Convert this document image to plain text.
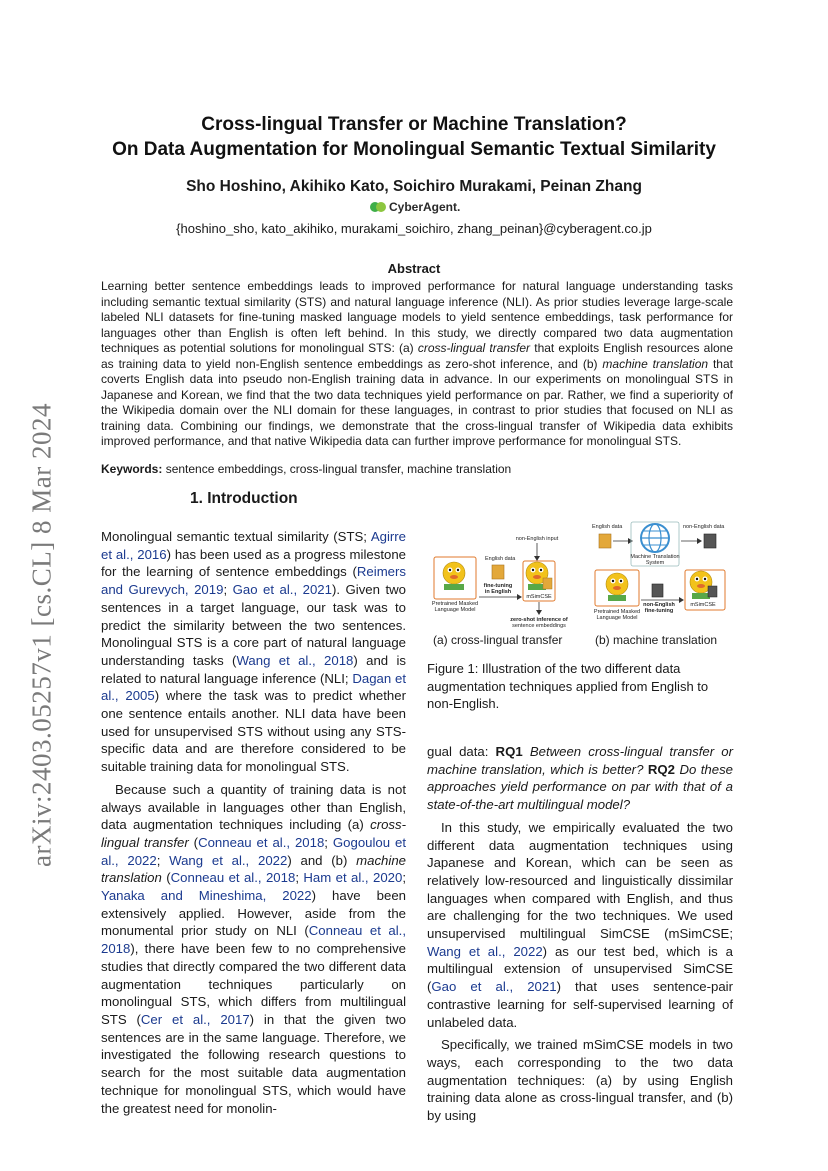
arXiv:2403.05257v1 [cs.CL] 8 Mar 2024
Cross-lingual Transfer or Machine Translation?
On Data Augmentation for Monolingual Semantic Textual Similarity
Sho Hoshino, Akihiko Kato, Soichiro Murakami, Peinan Zhang
CyberAgent.
{hoshino_sho, kato_akihiko, murakami_soichiro, zhang_peinan}@cyberagent.co.jp
Abstract

Learning better sentence embeddings leads to improved performance for natural language understanding tasks including semantic textual similarity (STS) and natural language inference (NLI). As prior studies leverage large-scale labeled NLI datasets for fine-tuning masked language models to yield sentence embeddings, task performance for languages other than English is often left behind. In this study, we directly compared two data augmentation techniques as potential solutions for monolingual STS: (a) cross-lingual transfer that exploits English resources alone as training data to yield non-English sentence embeddings as zero-shot inference, and (b) machine translation that coverts English data into pseudo non-English training data in advance. In our experiments on monolingual STS in Japanese and Korean, we find that the two data techniques yield performance on par. Rather, we find a superiority of the Wikipedia domain over the NLI domain for these languages, in contrast to prior studies that focused on NLI as training data. Combining our findings, we demonstrate that the cross-lingual transfer of Wikipedia data exhibits improved performance, and that native Wikipedia data can further improve performance for monolingual STS.

Keywords: sentence embeddings, cross-lingual transfer, machine translation

1. Introduction

Monolingual semantic textual similarity (STS; Agirre et al., 2016) has been used as a progress milestone for the learning of sentence embeddings (Reimers and Gurevych, 2019; Gao et al., 2021). Given two sentences in a target language, our task was to predict the similarity between the two sentences. Monolingual STS is a core part of natural language understanding tasks (Wang et al., 2018) and is related to natural language inference (NLI; Dagan et al., 2005) where the task was to predict whether one sentence entails another. NLI data have been used for unsupervised STS without using any STS-specific data and are therefore considered to be suitable training data for monolingual STS.

Because such a quantity of training data is not always available in languages other than English, data augmentation techniques including (a) cross-lingual transfer (Conneau et al., 2018; Gogoulou et al., 2022; Wang et al., 2022) and (b) machine translation (Conneau et al., 2018; Ham et al., 2020; Yanaka and Mineshima, 2022) have been extensively applied. However, aside from the monumental prior study on NLI (Conneau et al., 2018), there have been few to no comprehensive studies that directly compared the two different data augmentation techniques particularly on monolingual STS, which differs from multilingual STS (Cer et al., 2017) in that the given two sentences are in the same language. Therefore, we investigated the following research questions to search for the most suitable data augmentation technique for monolingual STS, which would have the greatest need for monolin-

non-English input
English data
Pretrained Masked
Language Model
fine-tuning
in English
mSimCSE
zero-shot inference of
sentence embeddings
English data
Machine Translation
System
non-English data
Pretrained Masked
Language Model
non-English
fine-tuning
mSimCSE
(a) cross-lingual transfer	(b) machine translation

Figure 1: Illustration of the two different data augmentation techniques applied from English to non-English.

gual data: RQ1 Between cross-lingual transfer or machine translation, which is better? RQ2 Do these approaches yield performance on par with that of a state-of-the-art multilingual model?

In this study, we empirically evaluated the two different data augmentation techniques using Japanese and Korean, which can be seen as relatively low-resourced and linguistically dissimilar languages when compared with English, and thus are challenging for the two techniques. We used unsupervised multilingual SimCSE (mSimCSE; Wang et al., 2022) as our test bed, which is a multilingual extension of unsupervised SimCSE (Gao et al., 2021) that uses sentence-pair contrastive learning for self-supervised learning of unlabeled data.

Specifically, we trained mSimCSE models in two ways, each corresponding to the two data augmentation techniques: (a) by using English training data alone as cross-lingual transfer, and (b) by using
